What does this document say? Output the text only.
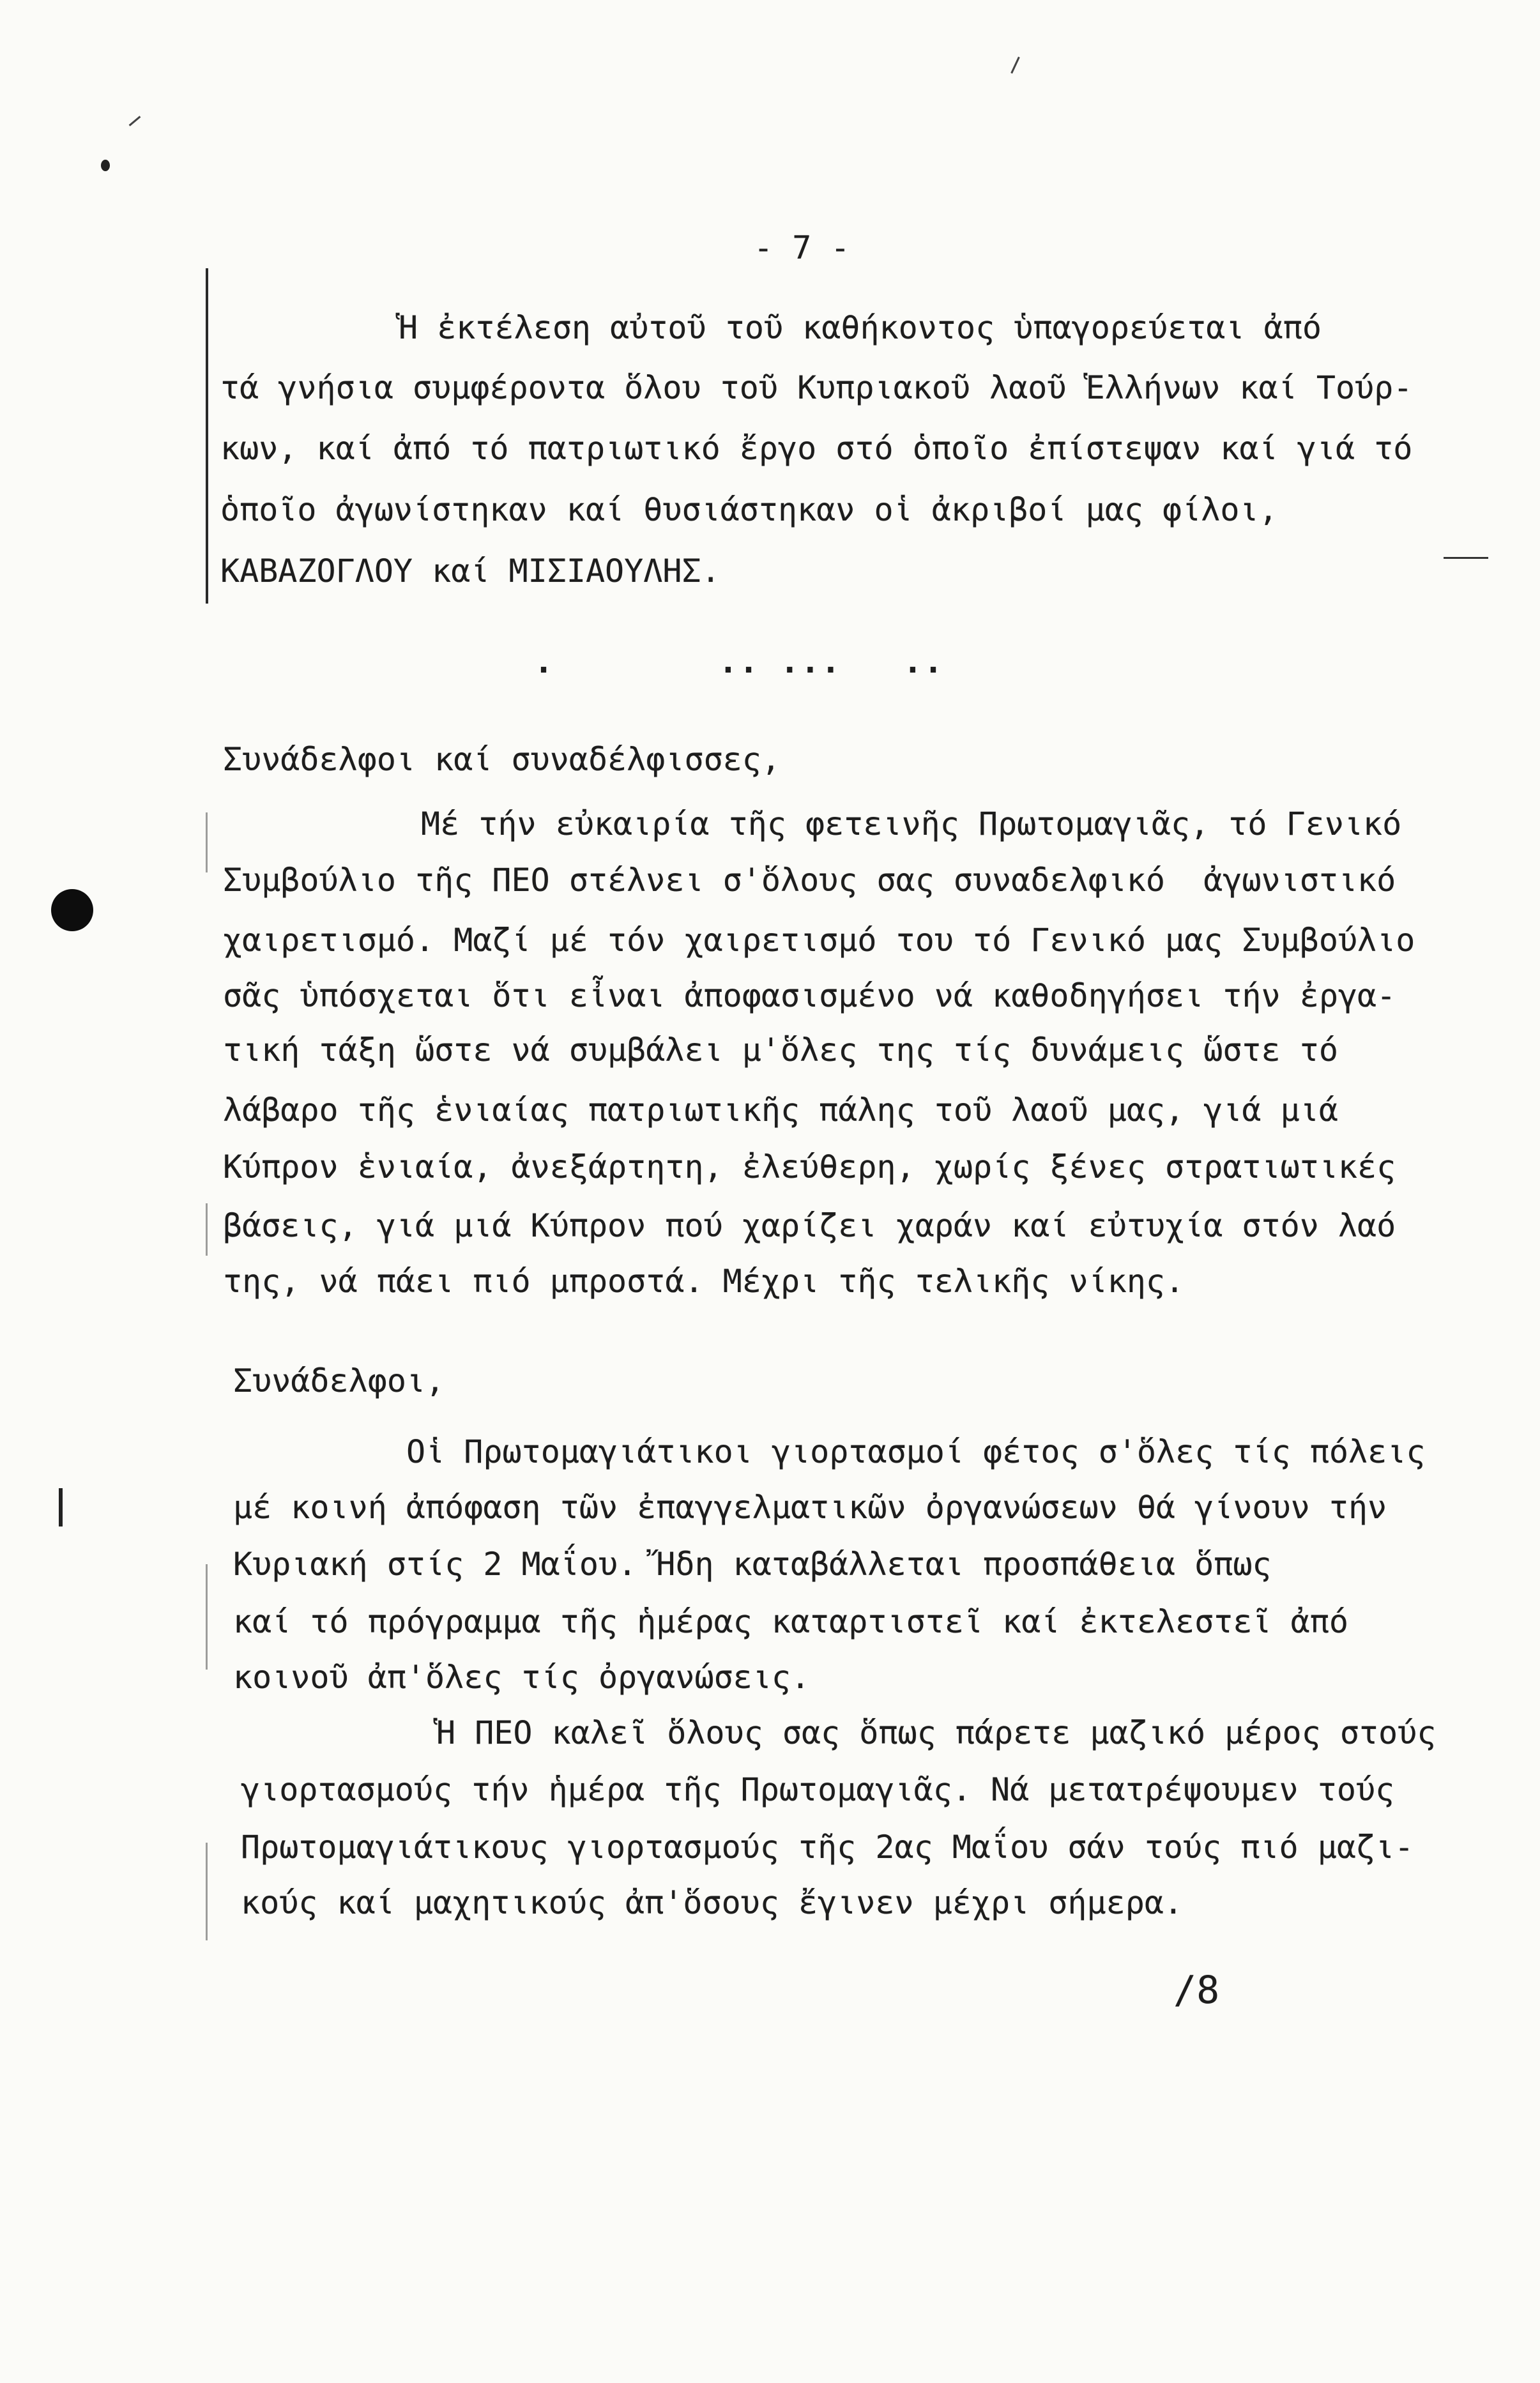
- 7 -
Ἡ ἐκτέλεση αὐτοῦ τοῦ καθήκοντος ὑπαγορεύεται ἀπό
τά γνήσια συμφέροντα ὅλου τοῦ Κυπριακοῦ λαοῦ Ἑλλήνων καί Τούρ-
κων, καί ἀπό τό πατριωτικό ἔργο στό ὁποῖο ἐπίστεψαν καί γιά τό
ὁποῖο ἀγωνίστηκαν καί θυσιάστηκαν οἱ ἀκριβοί μας φίλοι,
ΚΑΒΑΖΟΓΛΟΥ καί ΜΙΣΙΑΟΥΛΗΣ.
.        .. ...   ..
Συνάδελφοι καί συναδέλφισσες,
Μέ τήν εὐκαιρία τῆς φετεινῆς Πρωτομαγιᾶς, τό Γενικό
Συμβούλιο τῆς ΠΕΟ στέλνει σ'ὅλους σας συναδελφικό  ἀγωνιστικό
χαιρετισμό. Μαζί μέ τόν χαιρετισμό του τό Γενικό μας Συμβούλιο
σᾶς ὑπόσχεται ὅτι εἶναι ἀποφασισμένο νά καθοδηγήσει τήν ἐργα-
τική τάξη ὥστε νά συμβάλει μ'ὅλες της τίς δυνάμεις ὥστε τό
λάβαρο τῆς ἑνιαίας πατριωτικῆς πάλης τοῦ λαοῦ μας, γιά μιά
Κύπρον ἑνιαία, ἀνεξάρτητη, ἐλεύθερη, χωρίς ξένες στρατιωτικές
βάσεις, γιά μιά Κύπρον πού χαρίζει χαράν καί εὐτυχία στόν λαό
της, νά πάει πιό μπροστά. Μέχρι τῆς τελικῆς νίκης.
Συνάδελφοι,
Οἱ Πρωτομαγιάτικοι γιορτασμοί φέτος σ'ὅλες τίς πόλεις
μέ κοινή ἀπόφαση τῶν ἐπαγγελματικῶν ὀργανώσεων θά γίνουν τήν
Κυριακή στίς 2 Μαΐου. Ἤδη καταβάλλεται προσπάθεια ὅπως
καί τό πρόγραμμα τῆς ἡμέρας καταρτιστεῖ καί ἐκτελεστεῖ ἀπό
κοινοῦ ἀπ'ὅλες τίς ὀργανώσεις.
Ἡ ΠΕΟ καλεῖ ὅλους σας ὅπως πάρετε μαζικό μέρος στούς
γιορτασμούς τήν ἡμέρα τῆς Πρωτομαγιᾶς. Νά μετατρέψουμεν τούς
Πρωτομαγιάτικους γιορτασμούς τῆς 2ας Μαΐου σάν τούς πιό μαζι-
κούς καί μαχητικούς ἀπ'ὅσους ἔγινεν μέχρι σήμερα.
/8
